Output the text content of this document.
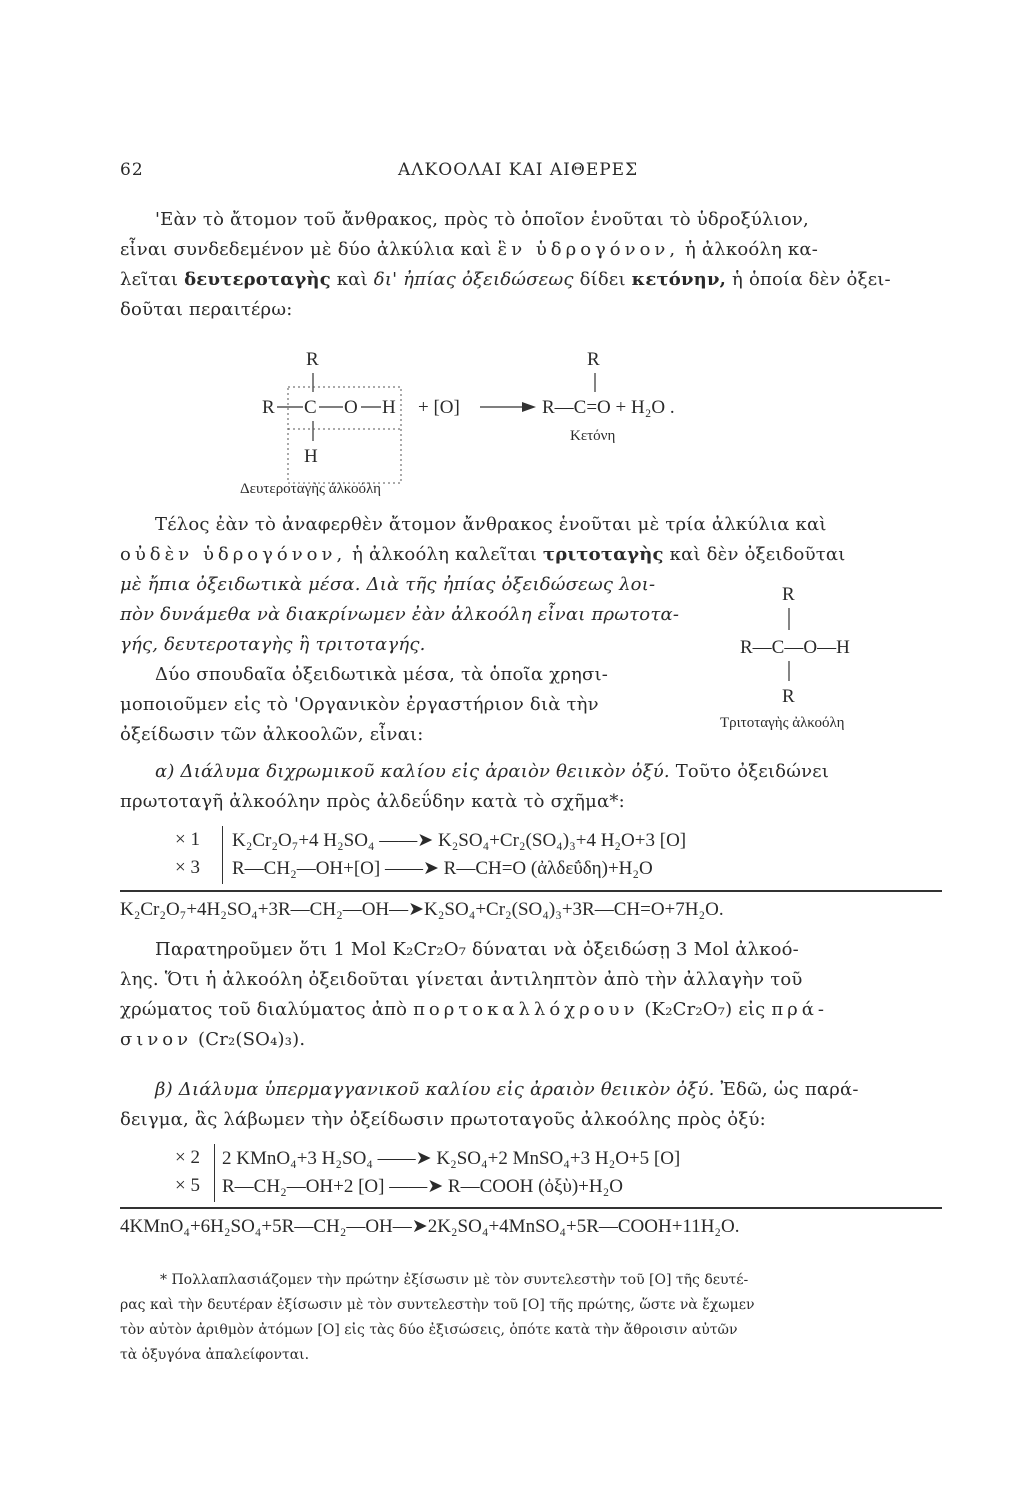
62	ΑΛΚΟΟΛΑΙ ΚΑΙ ΑΙΘΕΡΕΣ
'Εὰν τὸ ἄτομον τοῦ ἄνθρακος, πρὸς τὸ ὁποῖον ἑνοῦται τὸ ὑδροξύλιον,
εἶναι συνδεδεμένον μὲ δύο ἀλκύλια καὶ ἓν ὑδρογόνον, ἡ ἀλκοόλη κα-
λεῖται δευτεροταγὴς καὶ δι' ἠπίας ὀξειδώσεως δίδει κετόνην, ἡ ὁποία δὲν ὀξει-
δοῦται περαιτέρω:
R
R C O H
H
+ [O]
R
R—C=O + H₂O .
Κετόνη
Δευτεροταγὴς ἀλκοόλη
Τέλος ἐὰν τὸ ἀναφερθὲν ἄτομον ἄνθρακος ἑνοῦται μὲ τρία ἀλκύλια καὶ
οὐδὲν ὑδρογόνον, ἡ ἀλκοόλη καλεῖται τριτοταγὴς καὶ δὲν ὀξειδοῦται
μὲ ἤπια ὀξειδωτικὰ μέσα. Διὰ τῆς ἠπίας ὀξειδώσεως λοι-
πὸν δυνάμεθα νὰ διακρίνωμεν ἐὰν ἀλκοόλη εἶναι πρωτοτα-
γής, δευτεροταγὴς ἢ τριτοταγής.
R
R—C—O—H
R
Τριτοταγὴς ἀλκοόλη
Δύο σπουδαῖα ὀξειδωτικὰ μέσα, τὰ ὁποῖα χρησι-
μοποιοῦμεν εἰς τὸ 'Οργανικὸν ἐργαστήριον διὰ τὴν
ὀξείδωσιν τῶν ἀλκοολῶν, εἶναι:
α) Διάλυμα διχρωμικοῦ καλίου εἰς ἀραιὸν θειικὸν ὀξύ. Τοῦτο ὀξειδώνει
πρωτοταγῆ ἀλκοόλην πρὸς ἀλδεΰδην κατὰ τὸ σχῆμα*:
× 1 K₂Cr₂O₇+4 H₂SO₄ ——➤ K₂SO₄+Cr₂(SO₄)₃+4 H₂O+3 [O]
× 3 R—CH₂—OH+[O] ——➤ R—CH=O (ἀλδεΰδη)+H₂O
K₂Cr₂O₇+4H₂SO₄+3R—CH₂—OH—➤K₂SO₄+Cr₂(SO₄)₃+3R—CH=O+7H₂O.
Παρατηροῦμεν ὅτι 1 Mol K₂Cr₂O₇ δύναται νὰ ὀξειδώσῃ 3 Mol ἀλκοό-
λης. Ὅτι ἡ ἀλκοόλη ὀξειδοῦται γίνεται ἀντιληπτὸν ἀπὸ τὴν ἀλλαγὴν τοῦ
χρώματος τοῦ διαλύματος ἀπὸ πορτοκαλλόχρουν (K₂Cr₂O₇) εἰς πρά-
σινον (Cr₂(SO₄)₃).
β) Διάλυμα ὑπερμαγγανικοῦ καλίου εἰς ἀραιὸν θειικὸν ὀξύ. Ἐδῶ, ὡς παρά-
δειγμα, ἂς λάβωμεν τὴν ὀξείδωσιν πρωτοταγοῦς ἀλκοόλης πρὸς ὀξύ:
× 2 2 KMnO₄+3 H₂SO₄ ——➤ K₂SO₄+2 MnSO₄+3 H₂O+5 [O]
× 5 R—CH₂—OH+2 [O] ——➤ R—COOH (ὀξὺ)+H₂O
4KMnO₄+6H₂SO₄+5R—CH₂—OH—➤2K₂SO₄+4MnSO₄+5R—COOH+11H₂O.
* Πολλαπλασιάζομεν τὴν πρώτην ἐξίσωσιν μὲ τὸν συντελεστὴν τοῦ [O] τῆς δευτέ-
ρας καὶ τὴν δευτέραν ἐξίσωσιν μὲ τὸν συντελεστὴν τοῦ [O] τῆς πρώτης, ὥστε νὰ ἔχωμεν
τὸν αὐτὸν ἀριθμὸν ἀτόμων [O] εἰς τὰς δύο ἐξισώσεις, ὁπότε κατὰ τὴν ἄθροισιν αὐτῶν
τὰ ὀξυγόνα ἀπαλείφονται.
